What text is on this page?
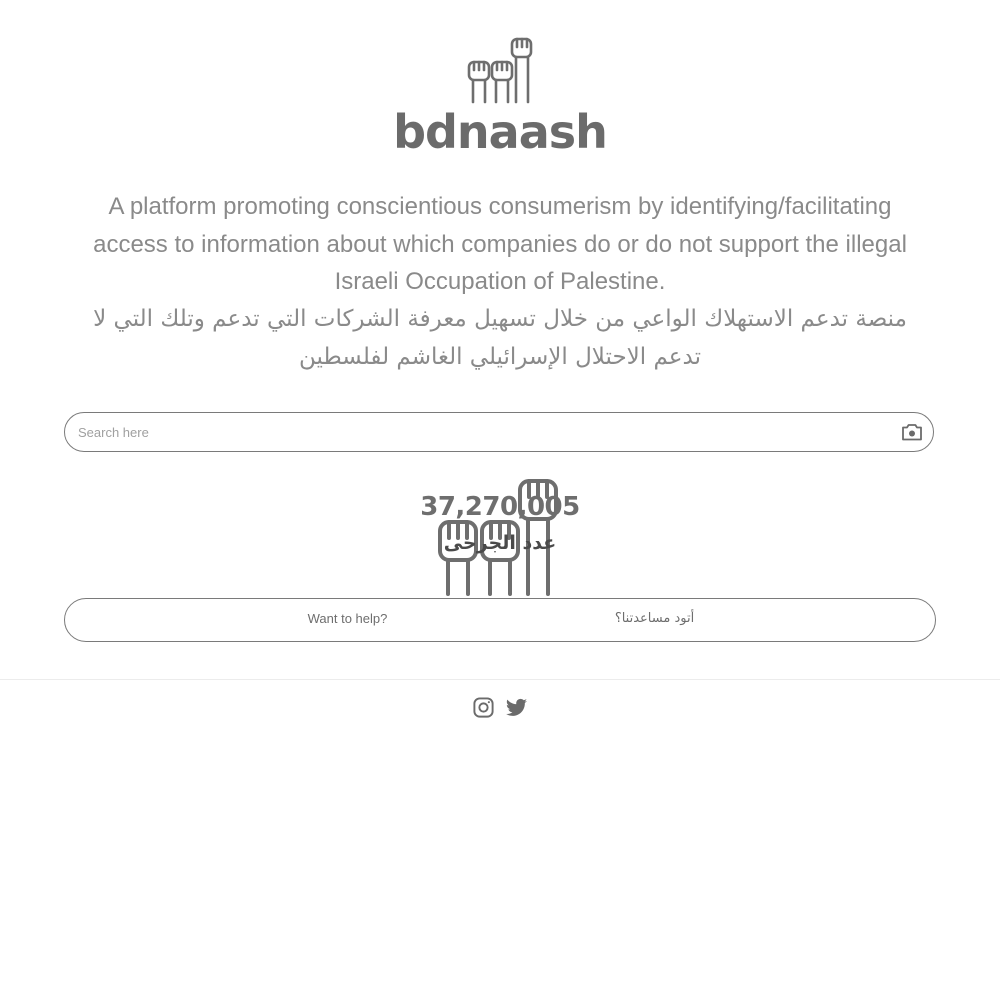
bdnaash
A platform promoting conscientious consumerism by identifying/facilitating access to information about which companies do or do not support the illegal Israeli Occupation of Palestine.
منصة تدعم الاستهلاك الواعي من خلال تسهيل معرفة الشركات التي تدعم وتلك التي لا تدعم الاحتلال الإسرائيلي الغاشم لفلسطين
Search here
37,270,005
عدد الجرحى
Want to help?	أتود مساعدتنا؟
